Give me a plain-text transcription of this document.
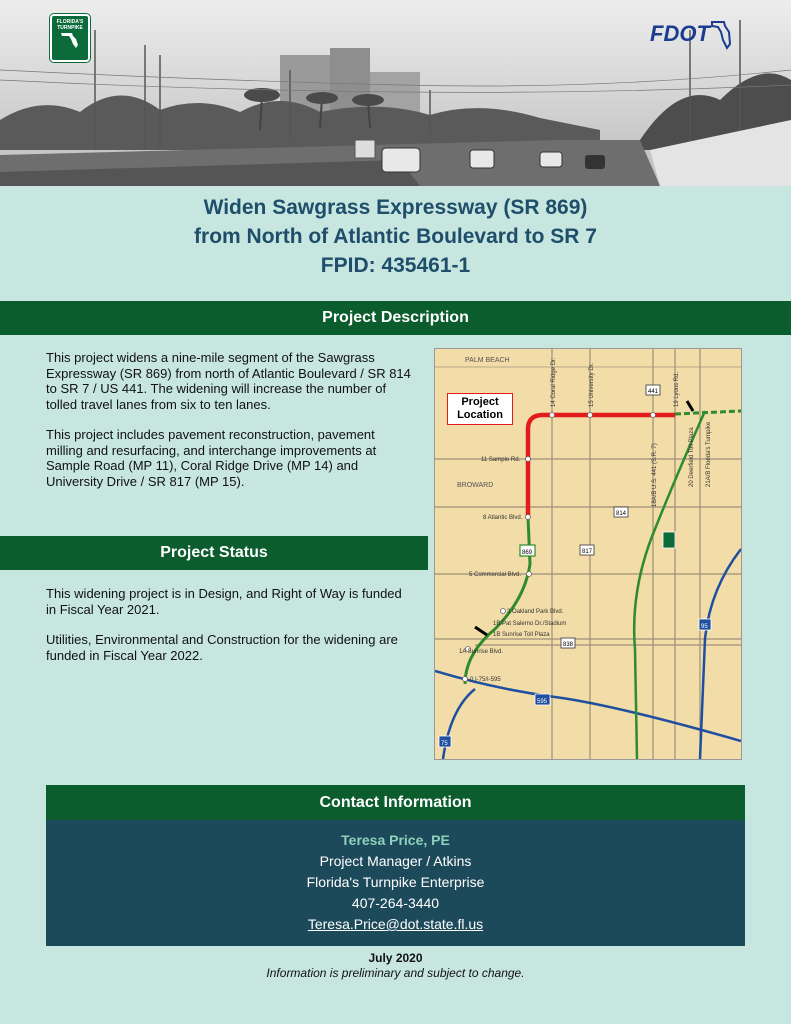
FLORIDA'S TURNPIKE	FDOT
Widen Sawgrass Expressway (SR 869)
from North of Atlantic Boulevard to SR 7
FPID: 435461-1
Project Description

This project widens a nine-mile segment of the Sawgrass Expressway (SR 869) from north of Atlantic Boulevard / SR 814 to SR 7 / US 441. The widening will increase the number of tolled travel lanes from six to ten lanes.

This project includes pavement reconstruction, pavement milling and resurfacing, and interchange improvements at Sample Road (MP 11), Coral Ridge Drive (MP 14) and University Drive / SR 817 (MP 15).

Project Status

This widening project is in Design, and Right of Way is funded in Fiscal Year 2021.

Utilities, Environmental and Construction for the widening are funded in Fiscal Year 2022.

PALM BEACH
BROWARD
14 Coral Ridge Dr.	15 University Dr.
18A/B U.S. 441 (S.R. 7)
19 Lyons Rd.
20 Deerfield Toll Plaza 21A/B Florida's Turnpike
11 Sample Rd.
8 Atlantic Blvd.
5 Commercial Blvd.
3 Oakland Park Blvd.
1B Pat Salerno Dr./Stadium
1B Sunrise Toll Plaza
1A Sunrise Blvd.
0 I-75/I-595
441
814
817
869
838
595
95
75
Project Location
Contact Information
Teresa Price, PE
Project Manager / Atkins
Florida's Turnpike Enterprise
407-264-3440
Teresa.Price@dot.state.fl.us
July 2020
Information is preliminary and subject to change.
